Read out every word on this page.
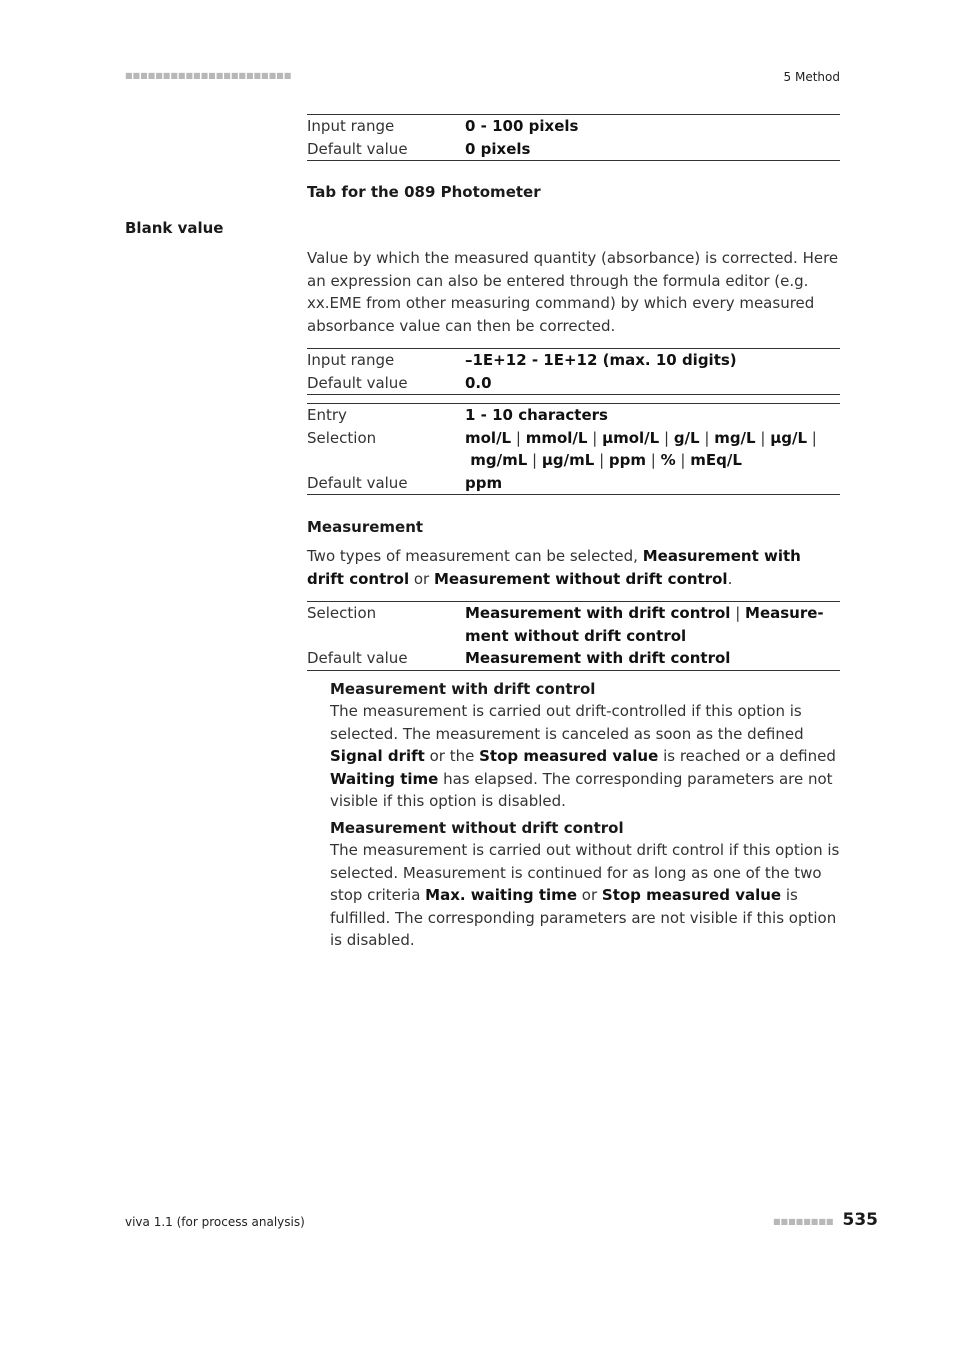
■■■■■■■■■■■■■■■■■■■■■■	5 Method
Input range	0 - 100 pixels
Default value	0 pixels
Tab for the 089 Photometer
Blank value

Value by which the measured quantity (absorbance) is corrected. Here an expression can also be entered through the formula editor (e.g. xx.EME from other measuring command) by which every measured absorbance value can then be corrected.

Input range	–1E+12 - 1E+12 (max. 10 digits)
Default value	0.0
Entry	1 - 10 characters
Selection	mol/L | mmol/L | µmol/L | g/L | mg/L | µg/L |
mg/mL | µg/mL | ppm | % | mEq/L
Default value	ppm
Measurement

Two types of measurement can be selected, Measurement with drift control or Measurement without drift control.

Selection	Measurement with drift control | Measure-ment without drift control
Default value	Measurement with drift control
Measurement with drift control

The measurement is carried out drift-controlled if this option is selected. The measurement is canceled as soon as the defined Signal drift or the Stop measured value is reached or a defined Waiting time has elapsed. The corresponding parameters are not visible if this option is disabled.

Measurement without drift control

The measurement is carried out without drift control if this option is selected. Measurement is continued for as long as one of the two stop criteria Max. waiting time or Stop measured value is fulfilled. The corresponding parameters are not visible if this option is disabled.

viva 1.1 (for process analysis)	■■■■■■■■ 535
